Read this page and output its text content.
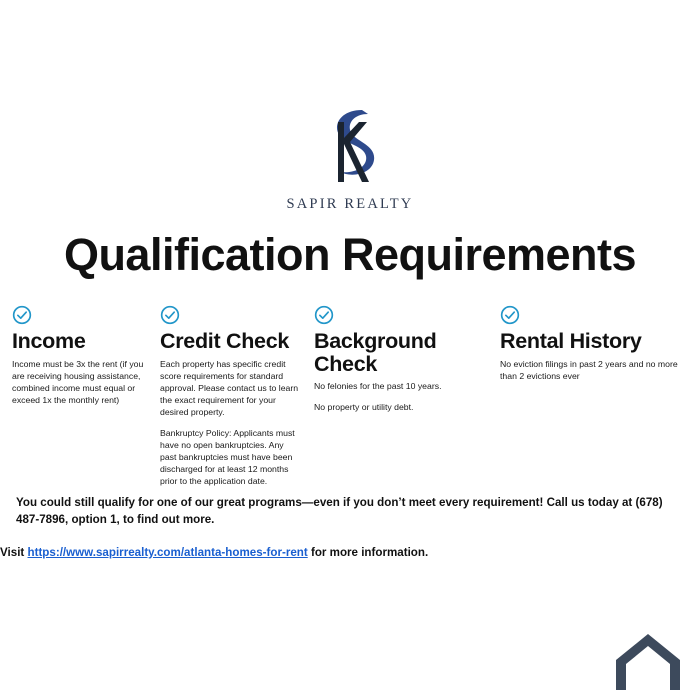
SAPIR REALTY
Qualification Requirements
Income

Income must be 3x the rent (if you are receiving housing assistance, combined income must equal or exceed 1x the monthly rent)

Credit Check

Each property has specific credit score requirements for standard approval. Please contact us to learn the exact requirement for your desired property.

Bankruptcy Policy: Applicants must have no open bankruptcies. Any past bankruptcies must have been discharged for at least 12 months prior to the application date.

Background Check

No felonies for the past 10 years.

No property or utility debt.

Rental History

No eviction filings in past 2 years and no more than 2 evictions ever

You could still qualify for one of our great programs—even if you don’t meet every requirement! Call us today at (678) 487-7896, option 1, to find out more.
Visit https://www.sapirrealty.com/atlanta-homes-for-rent for more information.
